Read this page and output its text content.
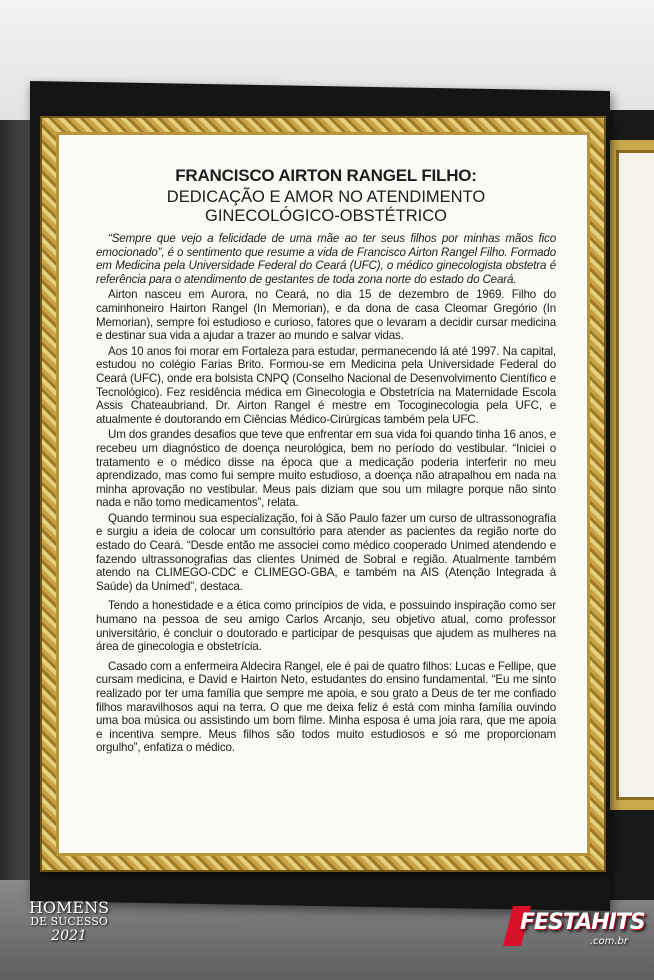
FRANCISCO AIRTON RANGEL FILHO:

DEDICAÇÃO E AMOR NO ATENDIMENTO
GINECOLÓGICO-OBSTÉTRICO

“Sempre que vejo a felicidade de uma mãe ao ter seus filhos por minhas mãos fico emocionado”, é o sentimento que resume a vida de Francisco Airton Rangel Filho. Formado em Medicina pela Universidade Federal do Ceará (UFC), o médico ginecologista obstetra é referência para o atendimento de gestantes de toda zona norte do estado do Ceará.

Airton nasceu em Aurora, no Ceará, no dia 15 de dezembro de 1969. Filho do caminhoneiro Hairton Rangel (In Memorian), e da dona de casa Cleomar Gregório (In Memorian), sempre foi estudioso e curioso, fatores que o levaram a decidir cursar medicina e destinar sua vida a ajudar a trazer ao mundo e salvar vidas.

Aos 10 anos foi morar em Fortaleza para estudar, permanecendo lá até 1997. Na capital, estudou no colégio Farias Brito. Formou-se em Medicina pela Universidade Federal do Ceará (UFC), onde era bolsista CNPQ (Conselho Nacional de Desenvolvimento Científico e Tecnológico). Fez residência médica em Ginecologia e Obstetrícia na Maternidade Escola Assis Chateaubriand. Dr. Airton Rangel é mestre em Tocoginecologia pela UFC, e atualmente é doutorando em Ciências Médico-Cirúrgicas também pela UFC.

Um dos grandes desafios que teve que enfrentar em sua vida foi quando tinha 16 anos, e recebeu um diagnóstico de doença neurológica, bem no período do vestibular. “Iniciei o tratamento e o médico disse na época que a medicação poderia interferir no meu aprendizado, mas como fui sempre muito estudioso, a doença não atrapalhou em nada na minha aprovação no vestibular. Meus pais diziam que sou um milagre porque não sinto nada e não tomo medicamentos”, relata.

Quando terminou sua especialização, foi à São Paulo fazer um curso de ultrassonografia e surgiu a ideia de colocar um consultório para atender as pacientes da região norte do estado do Ceará. “Desde então me associei como médico cooperado Unimed atendendo e fazendo ultrassonografias das clientes Unimed de Sobral e região. Atualmente também atendo na CLIMEGO-CDC e CLIMEGO-GBA, e também na AIS (Atenção Integrada à Saúde) da Unimed”, destaca.

Tendo a honestidade e a ética como princípios de vida, e possuindo inspiração como ser humano na pessoa de seu amigo Carlos Arcanjo, seu objetivo atual, como professor universitário, é concluir o doutorado e participar de pesquisas que ajudem as mulheres na área de ginecologia e obstetrícia.

Casado com a enfermeira Aldecira Rangel, ele é pai de quatro filhos: Lucas e Fellipe, que cursam medicina, e David e Hairton Neto, estudantes do ensino fundamental. “Eu me sinto realizado por ter uma família que sempre me apoia, e sou grato a Deus de ter me confiado filhos maravilhosos aqui na terra. O que me deixa feliz é está com minha família ouvindo uma boa música ou assistindo um bom filme. Minha esposa é uma joia rara, que me apoia e incentiva sempre. Meus filhos são todos muito estudiosos e só me proporcionam orgulho”, enfatiza o médico.

HOMENS
DE SUCESSO
2021
FESTAHITS
.com.br
